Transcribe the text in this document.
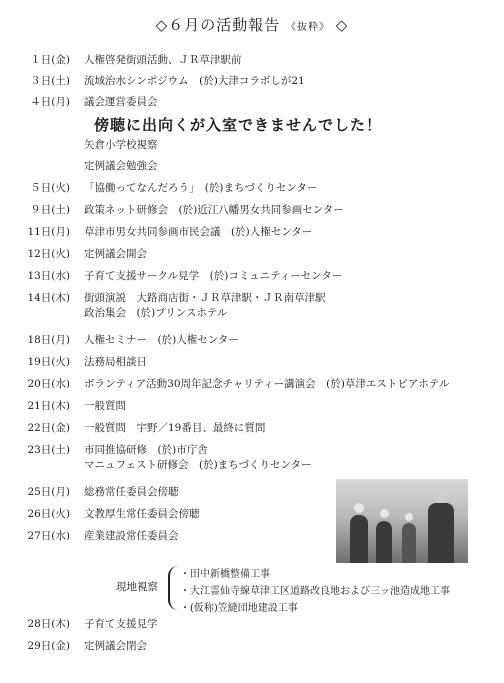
◇６月の活動報告 《抜粋》 ◇
１日(金) 人権啓発街頭活動、ＪＲ草津駅前
３日(土) 流域治水シンポジウム　(於)大津コラボしが21
４日(月) 議会運営委員会
矢倉小学校視察
定例議会勉強会
５日(火) 「協働ってなんだろう」　(於)まちづくりセンター
９日(土) 政策ネット研修会　(於)近江八幡男女共同参画センター
11日(月) 草津市男女共同参画市民会議　(於)人権センター
12日(火) 定例議会開会
13日(水) 子育て支援サークル見学　(於)コミュニティーセンター
14日(木) 街頭演説　大路商店街・ＪＲ草津駅・ＪＲ南草津駅
政治集会　(於)プリンスホテル
18日(月) 人権セミナー　(於)人権センター
19日(火) 法務局相談日
20日(水) ボランティア活動30周年記念チャリティー講演会　(於)草津エストピアホテル
21日(木) 一般質問
22日(金) 一般質問　宇野／19番目、最終に質問
23日(土) 市同推協研修　(於)市庁舎
マニュフェスト研修会　(於)まちづくりセンター
25日(月) 総務常任委員会傍聴
26日(火) 文教厚生常任委員会傍聴
27日(水) 産業建設常任委員会
28日(木) 子育て支援見学
29日(金) 定例議会閉会
傍聴に出向くが入室できませんでした！
現地視察
・田中新橋整備工事
・大江霊仙寺線草津工区道路改良地および三ッ池造成地工事
・(仮称)笠縫団地建設工事
